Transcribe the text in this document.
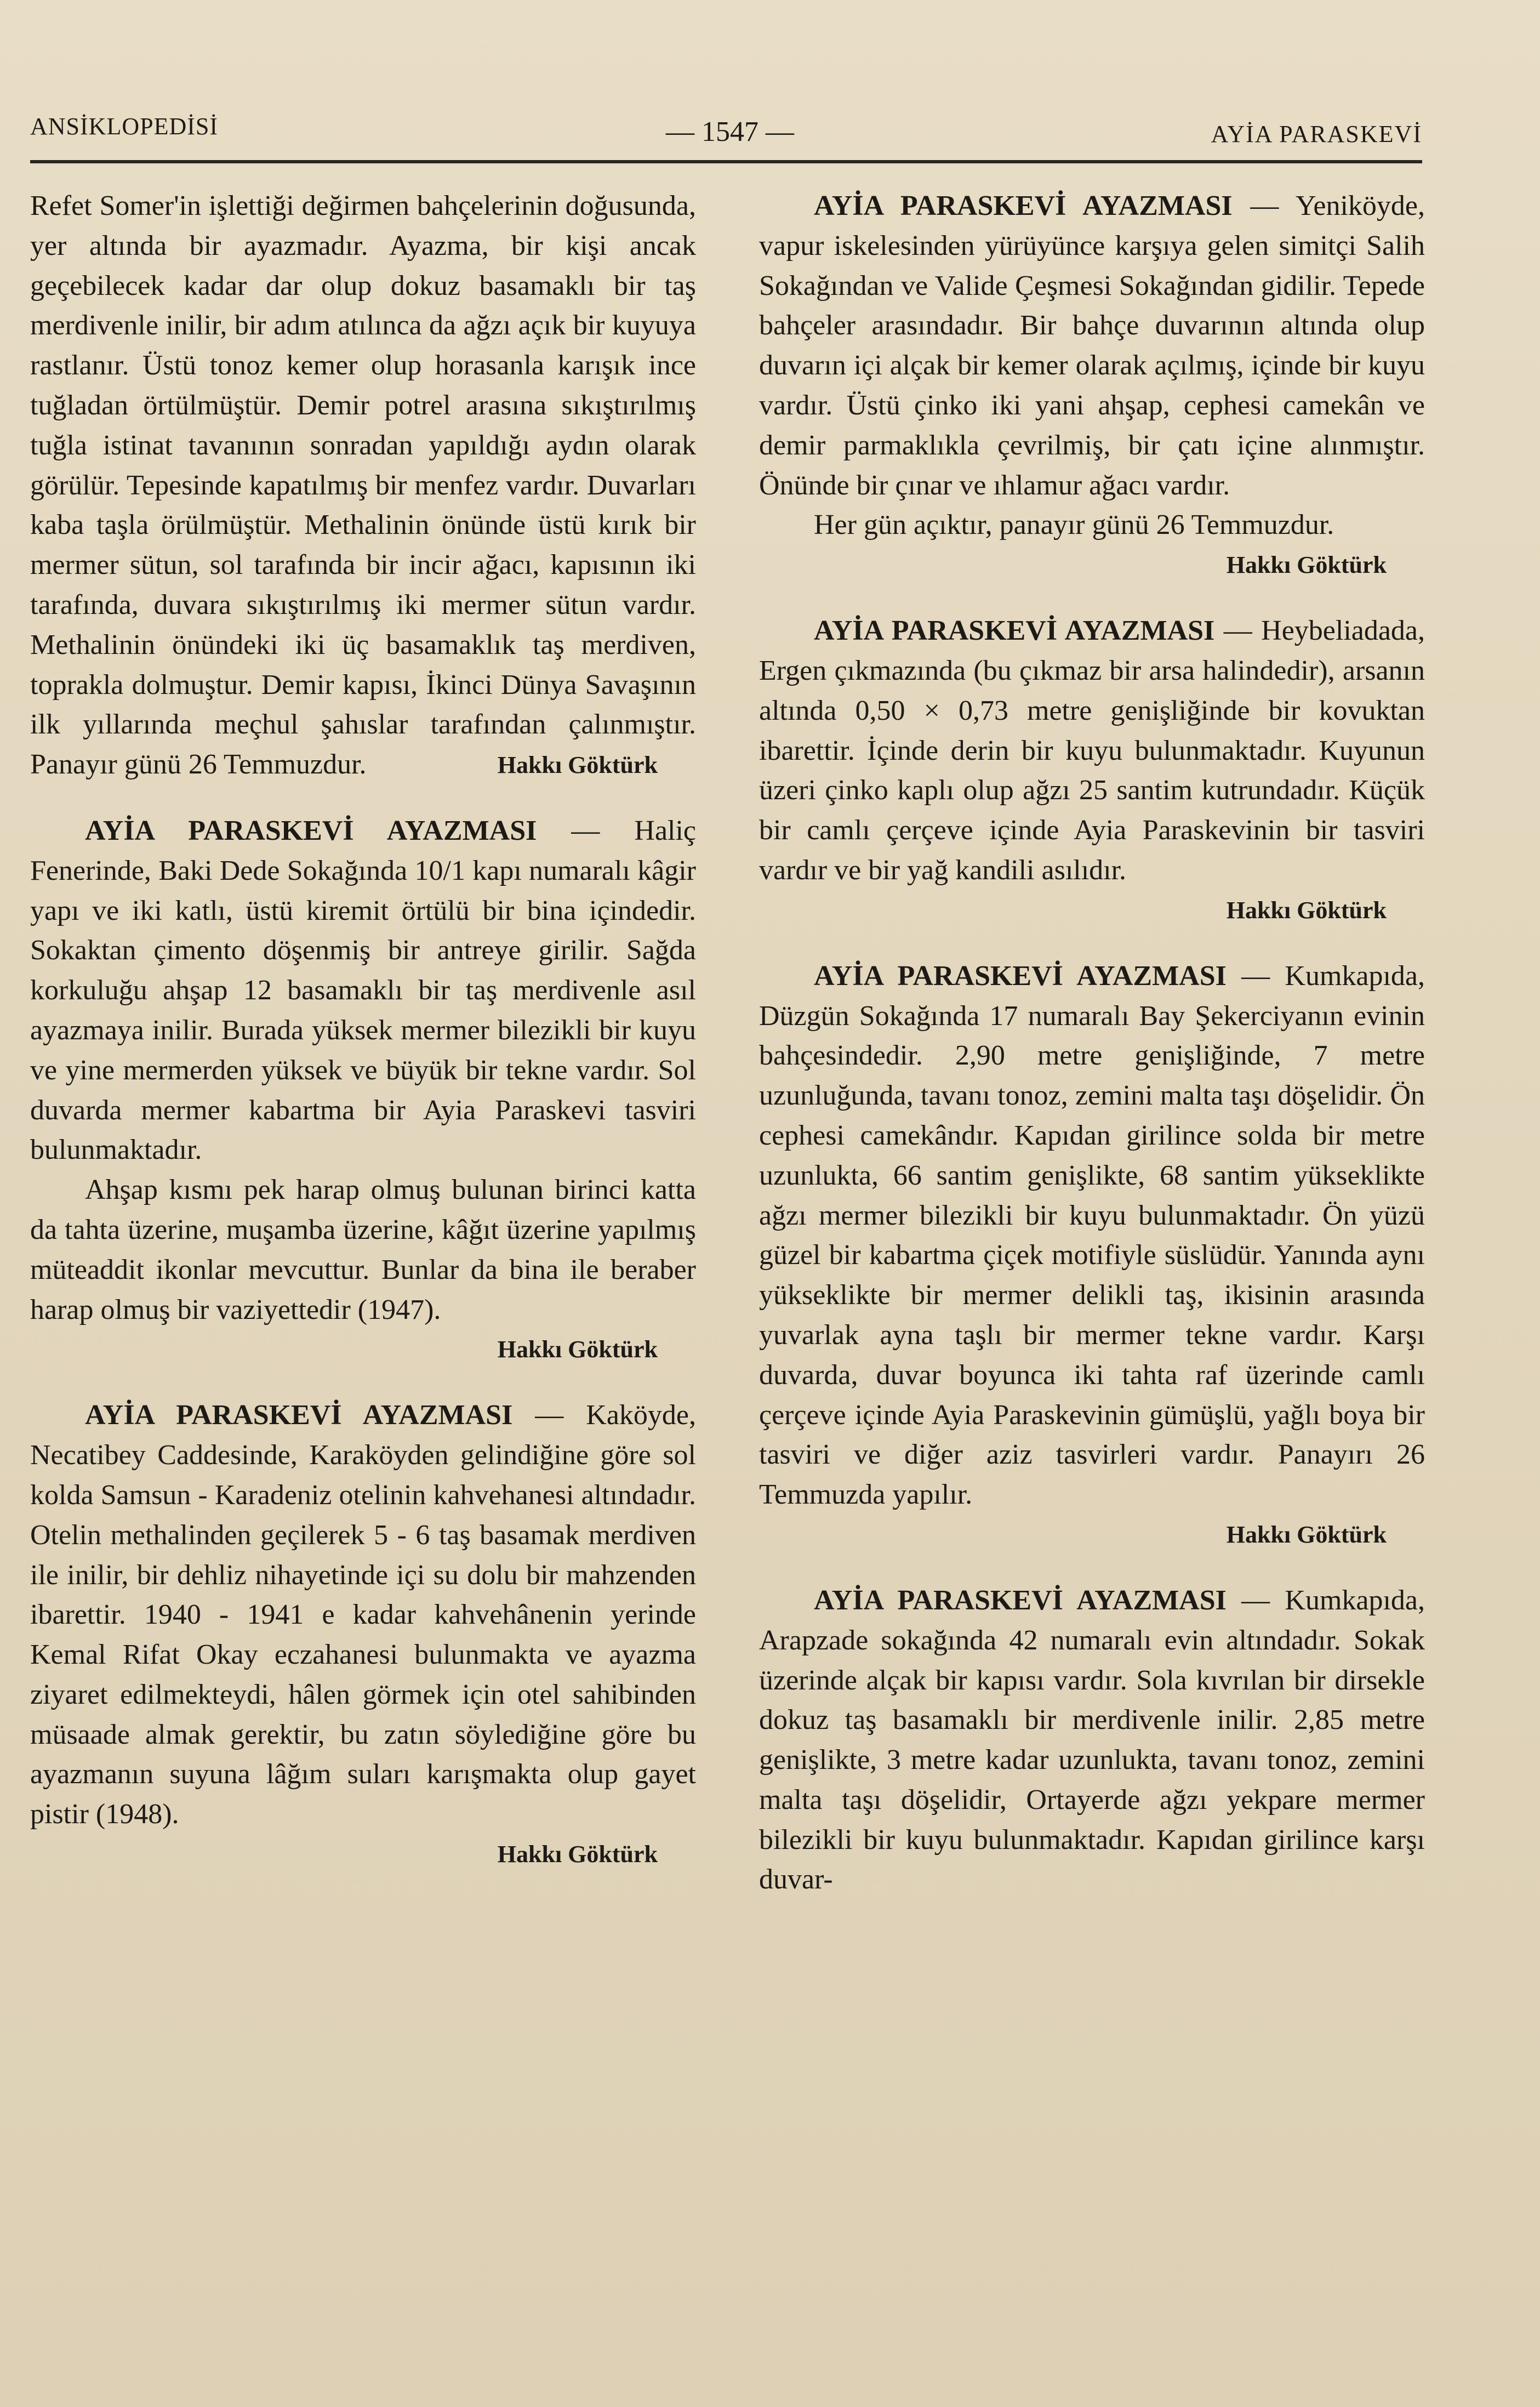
ANSİKLOPEDİSİ	— 1547 —	AYİA PARASKEVİ

Refet Somer'in işlettiği değirmen bahçelerinin doğusunda, yer altında bir ayazmadır. Ayazma, bir kişi ancak geçebilecek kadar dar olup dokuz basamaklı bir taş merdivenle inilir, bir adım atılınca da ağzı açık bir kuyuya rastlanır. Üstü tonoz kemer olup horasanla karışık ince tuğladan örtülmüştür. Demir potrel arasına sıkıştırılmış tuğla istinat tavanının sonradan yapıldığı aydın olarak görülür. Tepesinde kapatılmış bir menfez vardır. Duvarları kaba taşla örülmüştür. Methalinin önünde üstü kırık bir mermer sütun, sol tarafında bir incir ağacı, kapısının iki tarafında, duvara sıkıştırılmış iki mermer sütun vardır. Methalinin önündeki iki üç basamaklık taş merdiven, toprakla dolmuştur. Demir kapısı, İkinci Dünya Savaşının ilk yıllarında meçhul şahıslar tarafından çalınmıştır. Panayır günü 26 Temmuzdur.	Hakkı Göktürk

AYİA PARASKEVİ AYAZMASI — Haliç Fenerinde, Baki Dede Sokağında 10/1 kapı numaralı kâgir yapı ve iki katlı, üstü kiremit örtülü bir bina içindedir. Sokaktan çimento döşenmiş bir antreye girilir. Sağda korkuluğu ahşap 12 basamaklı bir taş merdivenle asıl ayazmaya inilir. Burada yüksek mermer bilezikli bir kuyu ve yine mermerden yüksek ve büyük bir tekne vardır. Sol duvarda mermer kabartma bir Ayia Paraskevi tasviri bulunmaktadır.

Ahşap kısmı pek harap olmuş bulunan birinci katta da tahta üzerine, muşamba üzerine, kâğıt üzerine yapılmış müteaddit ikonlar mevcuttur. Bunlar da bina ile beraber harap olmuş bir vaziyettedir (1947).

Hakkı Göktürk

AYİA PARASKEVİ AYAZMASI — Kaköyde, Necatibey Caddesinde, Karaköyden gelindiğine göre sol kolda Samsun - Karadeniz otelinin kahvehanesi altındadır. Otelin methalinden geçilerek 5 - 6 taş basamak merdiven ile inilir, bir dehliz nihayetinde içi su dolu bir mahzenden ibarettir. 1940 - 1941 e kadar kahvehânenin yerinde Kemal Rifat Okay eczahanesi bulunmakta ve ayazma ziyaret edilmekteydi, hâlen görmek için otel sahibinden müsaade almak gerektir, bu zatın söylediğine göre bu ayazmanın suyuna lâğım suları karışmakta olup gayet pistir (1948).

Hakkı Göktürk

AYİA PARASKEVİ AYAZMASI — Yeniköyde, vapur iskelesinden yürüyünce karşıya gelen simitçi Salih Sokağından ve Valide Çeşmesi Sokağından gidilir. Tepede bahçeler arasındadır. Bir bahçe duvarının altında olup duvarın içi alçak bir kemer olarak açılmış, içinde bir kuyu vardır. Üstü çinko iki yani ahşap, cephesi camekân ve demir parmaklıkla çevrilmiş, bir çatı içine alınmıştır. Önünde bir çınar ve ıhlamur ağacı vardır.

Her gün açıktır, panayır günü 26 Temmuzdur.

Hakkı Göktürk

AYİA PARASKEVİ AYAZMASI — Heybeliadada, Ergen çıkmazında (bu çıkmaz bir arsa halindedir), arsanın altında 0,50 × 0,73 metre genişliğinde bir kovuktan ibarettir. İçinde derin bir kuyu bulunmaktadır. Kuyunun üzeri çinko kaplı olup ağzı 25 santim kutrundadır. Küçük bir camlı çerçeve içinde Ayia Paraskevinin bir tasviri vardır ve bir yağ kandili asılıdır.

Hakkı Göktürk

AYİA PARASKEVİ AYAZMASI — Kumkapıda, Düzgün Sokağında 17 numaralı Bay Şekerciyanın evinin bahçesindedir. 2,90 metre genişliğinde, 7 metre uzunluğunda, tavanı tonoz, zemini malta taşı döşelidir. Ön cephesi camekândır. Kapıdan girilince solda bir metre uzunlukta, 66 santim genişlikte, 68 santim yükseklikte ağzı mermer bilezikli bir kuyu bulunmaktadır. Ön yüzü güzel bir kabartma çiçek motifiyle süslüdür. Yanında aynı yükseklikte bir mermer delikli taş, ikisinin arasında yuvarlak ayna taşlı bir mermer tekne vardır. Karşı duvarda, duvar boyunca iki tahta raf üzerinde camlı çerçeve içinde Ayia Paraskevinin gümüşlü, yağlı boya bir tasviri ve diğer aziz tasvirleri vardır. Panayırı 26 Temmuzda yapılır.

Hakkı Göktürk

AYİA PARASKEVİ AYAZMASI — Kumkapıda, Arapzade sokağında 42 numaralı evin altındadır. Sokak üzerinde alçak bir kapısı vardır. Sola kıvrılan bir dirsekle dokuz taş basamaklı bir merdivenle inilir. 2,85 metre genişlikte, 3 metre kadar uzunlukta, tavanı tonoz, zemini malta taşı döşelidir, Ortayerde ağzı yekpare mermer bilezikli bir kuyu bulunmaktadır. Kapıdan girilince karşı duvar-
